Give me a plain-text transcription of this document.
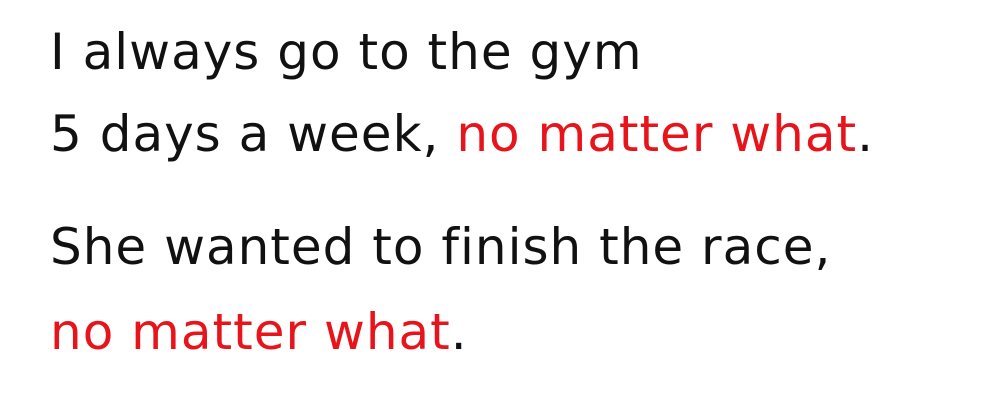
I always go to the gym
5 days a week, no matter what.
She wanted to finish the race,
no matter what.
